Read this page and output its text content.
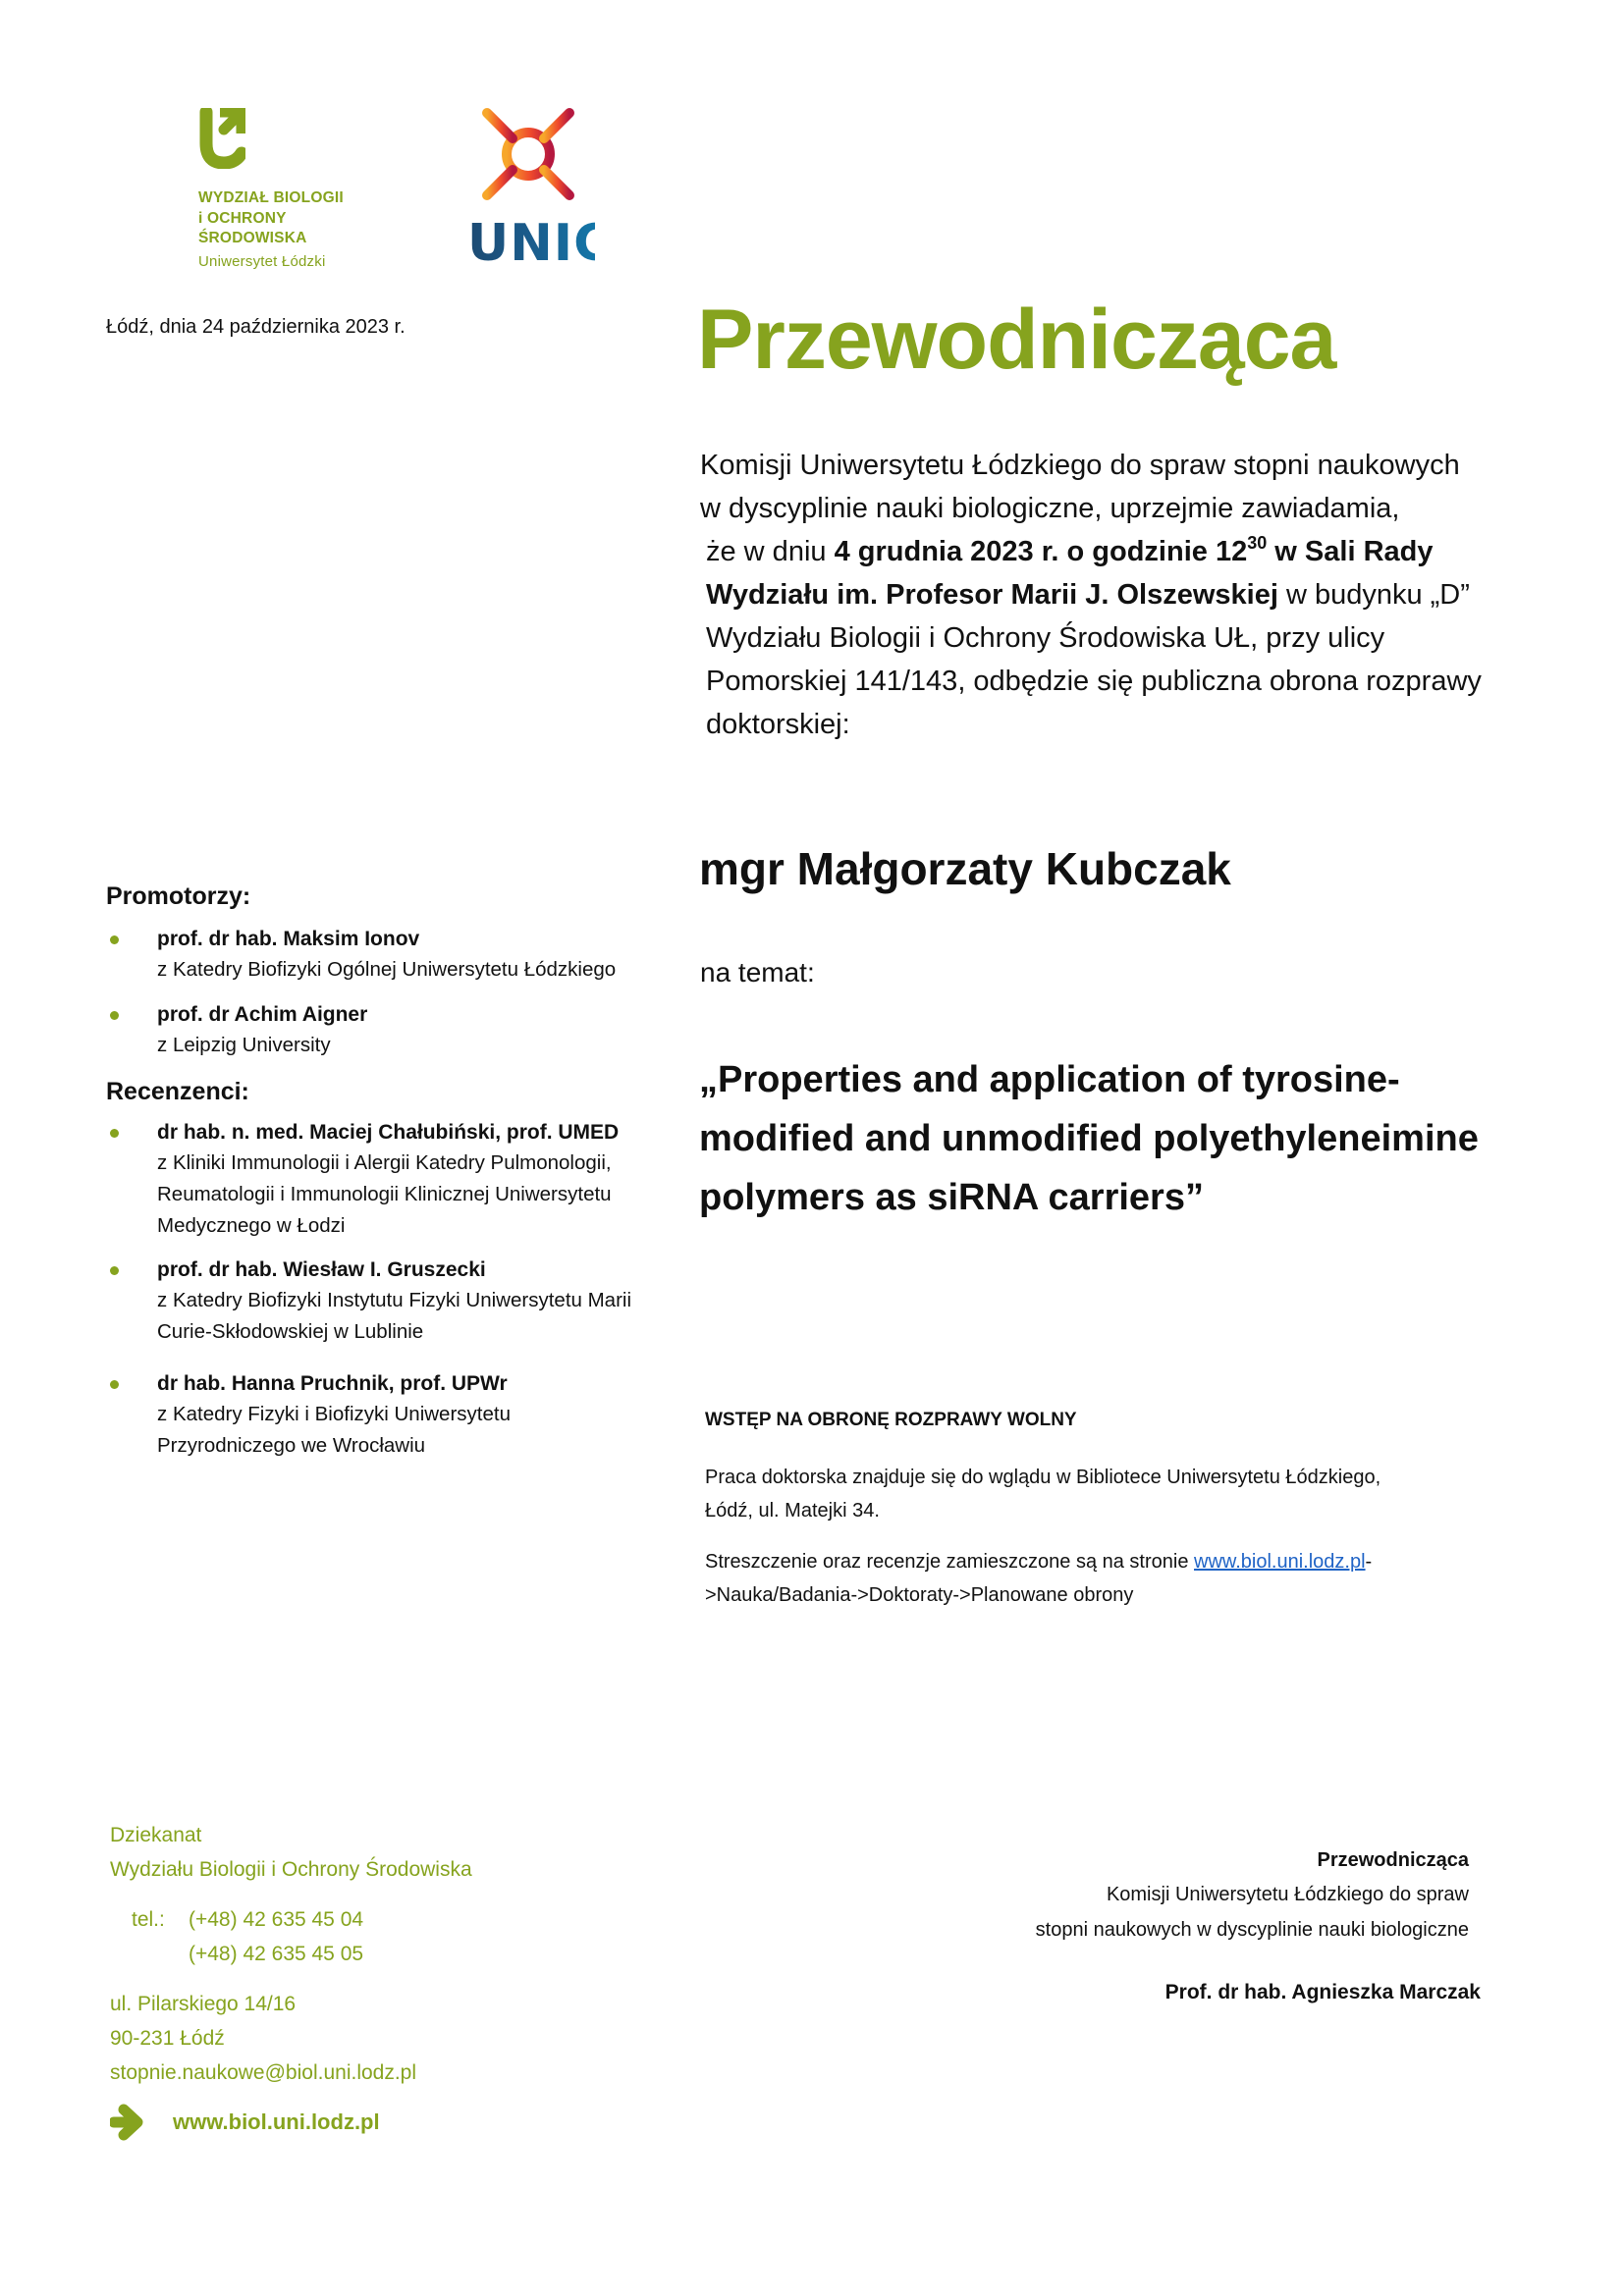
WYDZIAŁ BIOLOGII
i OCHRONY
ŚRODOWISKA
Uniwersytet Łódzki	UNIC
Łódź, dnia 24 października 2023 r.	Przewodnicząca

Komisji Uniwersytetu Łódzkiego do spraw stopni naukowych

w dyscyplinie nauki biologiczne, uprzejmie zawiadamia,

że w dniu 4 grudnia 2023 r. o godzinie $12^{30}$ w Sali Rady

Wydziału im. Profesor Marii J. Olszewskiej w budynku „D”

Wydziału Biologii i Ochrony Środowiska UŁ, przy ulicy

Pomorskiej 141/143, odbędzie się publiczna obrona rozprawy

doktorskiej:

mgr Małgorzaty Kubczak
na temat:

„Properties and application of tyrosine-

modified and unmodified polyethyleneimine

polymers as siRNA carriers”

Promotorzy:
prof. dr hab. Maksim Ionov
z Katedry Biofizyki Ogólnej Uniwersytetu Łódzkiego
prof. dr Achim Aigner
z Leipzig University
Recenzenci:
dr hab. n. med. Maciej Chałubiński, prof. UMED
z Kliniki Immunologii i Alergii Katedry Pulmonologii,
Reumatologii i Immunologii Klinicznej Uniwersytetu
Medycznego w Łodzi
prof. dr hab. Wiesław I. Gruszecki
z Katedry Biofizyki Instytutu Fizyki Uniwersytetu Marii
Curie-Skłodowskiej w Lublinie
dr hab. Hanna Pruchnik, prof. UPWr
z Katedry Fizyki i Biofizyki Uniwersytetu
Przyrodniczego we Wrocławiu

WSTĘP NA OBRONĘ ROZPRAWY WOLNY

Praca doktorska znajduje się do wglądu w Bibliotece Uniwersytetu Łódzkiego,

Łódź, ul. Matejki 34.

Streszczenie oraz recenzje zamieszczone są na stronie www.biol.uni.lodz.pl-

>Nauka/Badania->Doktoraty->Planowane obrony

Dziekanat
Wydziału Biologii i Ochrony Środowiska
tel.:	(+48) 42 635 45 04
(+48) 42 635 45 05
ul. Pilarskiego 14/16
90-231 Łódź
stopnie.naukowe@biol.uni.lodz.pl
www.biol.uni.lodz.pl
Przewodnicząca
Komisji Uniwersytetu Łódzkiego do spraw
stopni naukowych w dyscyplinie nauki biologiczne
Prof. dr hab. Agnieszka Marczak
